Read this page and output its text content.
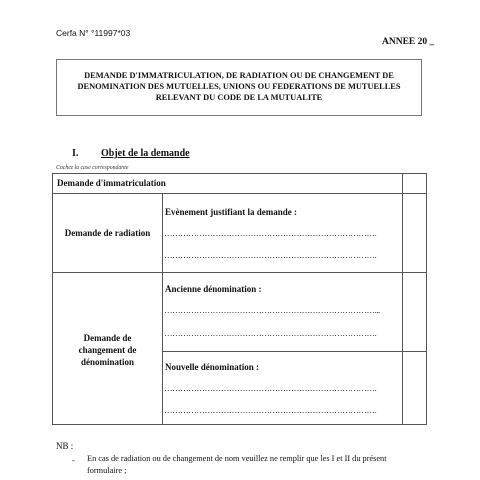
Cerfa N° °11997*03
ANNEE 20 _
DEMANDE D'IMMATRICULATION, DE RADIATION OU DE CHANGEMENT DE DENOMINATION DES MUTUELLES, UNIONS OU FEDERATIONS DE MUTUELLES RELEVANT DU CODE DE LA MUTUALITE
I. Objet de la demande
Cochez la case correspondante
Demande d'immatriculation
Demande de radiation
Evènement justifiant la demande :
…………………………………………………………………….
…………………………………………………………………….
Demande de
changement de
dénomination
Ancienne dénomination :
……………………………………………………………………...
…………………………………………………………………….
Nouvelle dénomination :
…………………………………………………………………….
…………………………………………………………………….
NB :
- En cas de radiation ou de changement de nom veuillez ne remplir que les I et II du présent formulaire ;
